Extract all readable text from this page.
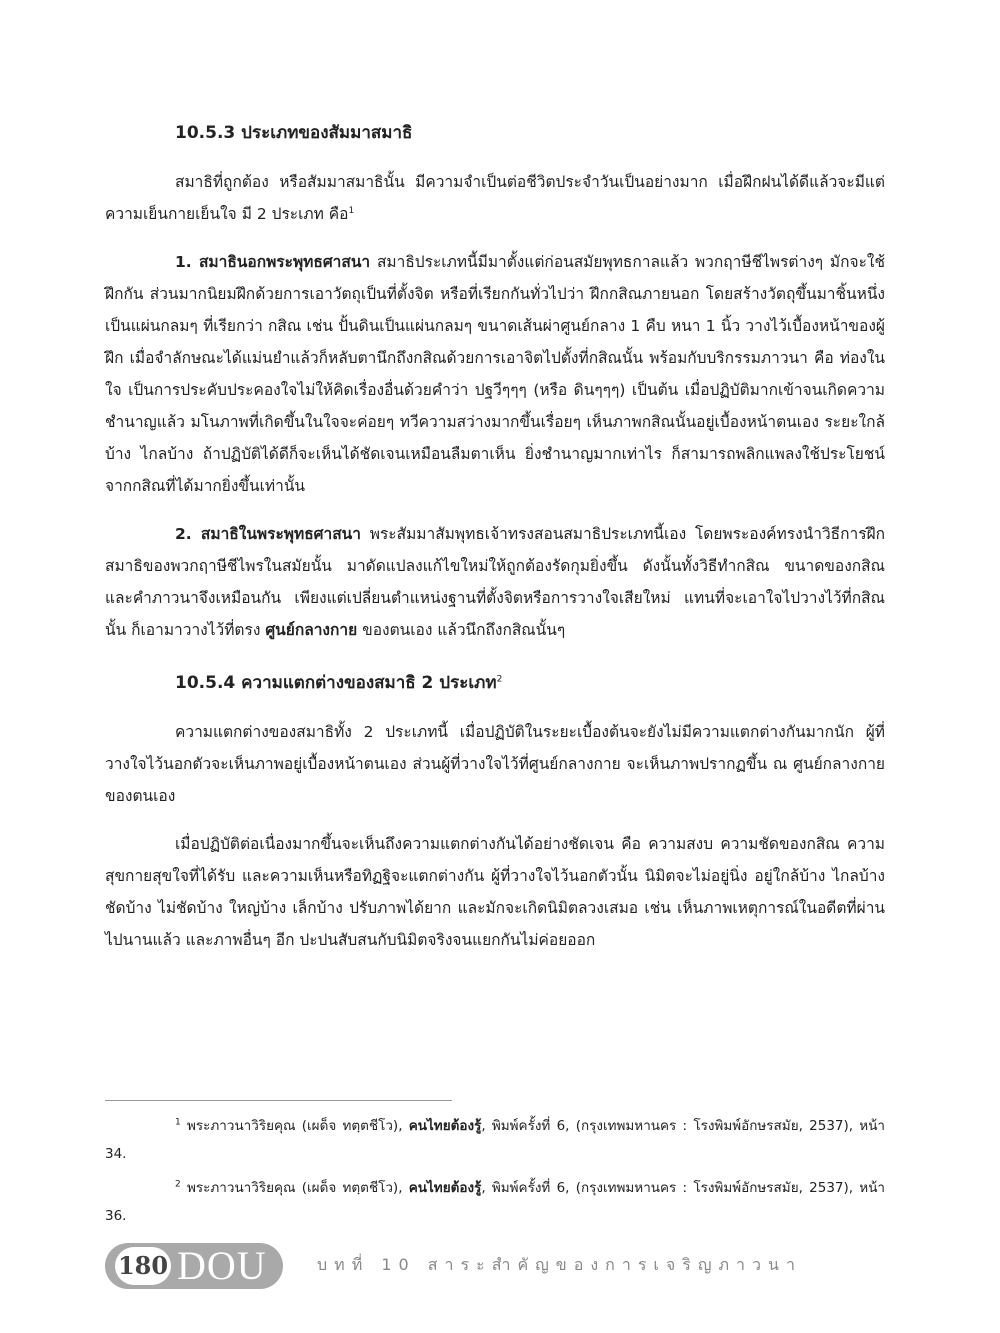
10.5.3 ประเภทของสัมมาสมาธิ

สมาธิที่ถูกต้อง หรือสัมมาสมาธินั้น มีความจำเป็นต่อชีวิตประจำวันเป็นอย่างมาก เมื่อฝึกฝนได้ดีแล้วจะมีแต่ความเย็นกายเย็นใจ มี 2 ประเภท คือ$^1$

1. สมาธินอกพระพุทธศาสนา สมาธิประเภทนี้มีมาตั้งแต่ก่อนสมัยพุทธกาลแล้ว พวกฤาษีชีไพรต่างๆ มักจะใช้ฝึกกัน ส่วนมากนิยมฝึกด้วยการเอาวัตถุเป็นที่ตั้งจิต หรือที่เรียกกันทั่วไปว่า ฝึกกสิณภายนอก โดยสร้างวัตถุขึ้นมาชิ้นหนึ่งเป็นแผ่นกลมๆ ที่เรียกว่า กสิณ เช่น ปั้นดินเป็นแผ่นกลมๆ ขนาดเส้นผ่าศูนย์กลาง 1 คืบ หนา 1 นิ้ว วางไว้เบื้องหน้าของผู้ฝึก เมื่อจำลักษณะได้แม่นยำแล้วก็หลับตานึกถึงกสิณด้วยการเอาจิตไปตั้งที่กสิณนั้น พร้อมกับบริกรรมภาวนา คือ ท่องในใจ เป็นการประคับประคองใจไม่ให้คิดเรื่องอื่นด้วยคำว่า ปฐวีๆๆๆ (หรือ ดินๆๆๆ) เป็นต้น เมื่อปฏิบัติมากเข้าจนเกิดความชำนาญแล้ว มโนภาพที่เกิดขึ้นในใจจะค่อยๆ ทวีความสว่างมากขึ้นเรื่อยๆ เห็นภาพกสิณนั้นอยู่เบื้องหน้าตนเอง ระยะใกล้บ้าง ไกลบ้าง ถ้าปฏิบัติได้ดีก็จะเห็นได้ชัดเจนเหมือนลืมตาเห็น ยิ่งชำนาญมากเท่าไร ก็สามารถพลิกแพลงใช้ประโยชน์จากกสิณที่ได้มากยิ่งขึ้นเท่านั้น

2. สมาธิในพระพุทธศาสนา พระสัมมาสัมพุทธเจ้าทรงสอนสมาธิประเภทนี้เอง โดยพระองค์ทรงนำวิธีการฝึกสมาธิของพวกฤาษีชีไพรในสมัยนั้น มาดัดแปลงแก้ไขใหม่ให้ถูกต้องรัดกุมยิ่งขึ้น ดังนั้นทั้งวิธีทำกสิณ ขนาดของกสิณ และคำภาวนาจึงเหมือนกัน เพียงแต่เปลี่ยนตำแหน่งฐานที่ตั้งจิตหรือการวางใจเสียใหม่ แทนที่จะเอาใจไปวางไว้ที่กสิณนั้น ก็เอามาวางไว้ที่ตรง ศูนย์กลางกาย ของตนเอง แล้วนึกถึงกสิณนั้นๆ

10.5.4 ความแตกต่างของสมาธิ 2 ประเภท$^2$

ความแตกต่างของสมาธิทั้ง 2 ประเภทนี้ เมื่อปฏิบัติในระยะเบื้องต้นจะยังไม่มีความแตกต่างกันมากนัก ผู้ที่วางใจไว้นอกตัวจะเห็นภาพอยู่เบื้องหน้าตนเอง ส่วนผู้ที่วางใจไว้ที่ศูนย์กลางกาย จะเห็นภาพปรากฏขึ้น ณ ศูนย์กลางกายของตนเอง

เมื่อปฏิบัติต่อเนื่องมากขึ้นจะเห็นถึงความแตกต่างกันได้อย่างชัดเจน คือ ความสงบ ความชัดของกสิณ ความสุขกายสุขใจที่ได้รับ และความเห็นหรือทิฏฐิจะแตกต่างกัน ผู้ที่วางใจไว้นอกตัวนั้น นิมิตจะไม่อยู่นิ่ง อยู่ใกล้บ้าง ไกลบ้าง ชัดบ้าง ไม่ชัดบ้าง ใหญ่บ้าง เล็กบ้าง ปรับภาพได้ยาก และมักจะเกิดนิมิตลวงเสมอ เช่น เห็นภาพเหตุการณ์ในอดีตที่ผ่านไปนานแล้ว และภาพอื่นๆ อีก ปะปนสับสนกับนิมิตจริงจนแยกกันไม่ค่อยออก

$^1$ พระภาวนาวิริยคุณ (เผด็จ ทตฺตชีโว), คนไทยต้องรู้, พิมพ์ครั้งที่ 6, (กรุงเทพมหานคร : โรงพิมพ์อักษรสมัย, 2537), หน้า 34.

$^2$ พระภาวนาวิริยคุณ (เผด็จ ทตฺตชีโว), คนไทยต้องรู้, พิมพ์ครั้งที่ 6, (กรุงเทพมหานคร : โรงพิมพ์อักษรสมัย, 2537), หน้า 36.

180 DOU	บทที่ 10 สาระสำคัญของการเจริญภาวนา
